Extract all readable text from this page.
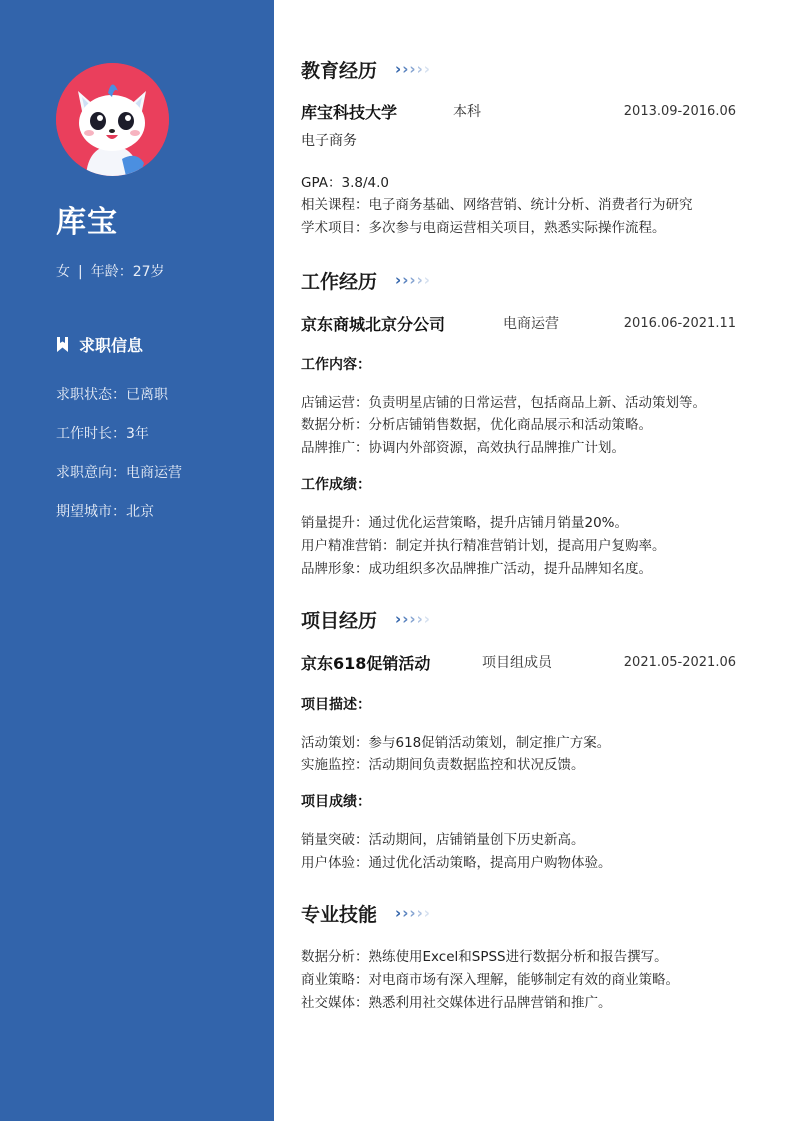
库宝
女 | 年龄：27岁
求职信息
求职状态：已离职
工作时长：3年
求职意向：电商运营
期望城市：北京
教育经历 › › › › ›
库宝科技大学	本科	2013.09-2016.06
电子商务
GPA：3.8/4.0
相关课程：电子商务基础、网络营销、统计分析、消费者行为研究
学术项目：多次参与电商运营相关项目，熟悉实际操作流程。
工作经历 › › › › ›
京东商城北京分公司	电商运营	2016.06-2021.11
工作内容：
店铺运营：负责明星店铺的日常运营，包括商品上新、活动策划等。
数据分析：分析店铺销售数据，优化商品展示和活动策略。
品牌推广：协调内外部资源，高效执行品牌推广计划。
工作成绩：
销量提升：通过优化运营策略，提升店铺月销量20%。
用户精准营销：制定并执行精准营销计划，提高用户复购率。
品牌形象：成功组织多次品牌推广活动，提升品牌知名度。
项目经历 › › › › ›
京东618促销活动	项目组成员	2021.05-2021.06
项目描述：
活动策划：参与618促销活动策划，制定推广方案。
实施监控：活动期间负责数据监控和状况反馈。
项目成绩：
销量突破：活动期间，店铺销量创下历史新高。
用户体验：通过优化活动策略，提高用户购物体验。
专业技能 › › › › ›
数据分析：熟练使用Excel和SPSS进行数据分析和报告撰写。
商业策略：对电商市场有深入理解，能够制定有效的商业策略。
社交媒体：熟悉利用社交媒体进行品牌营销和推广。
